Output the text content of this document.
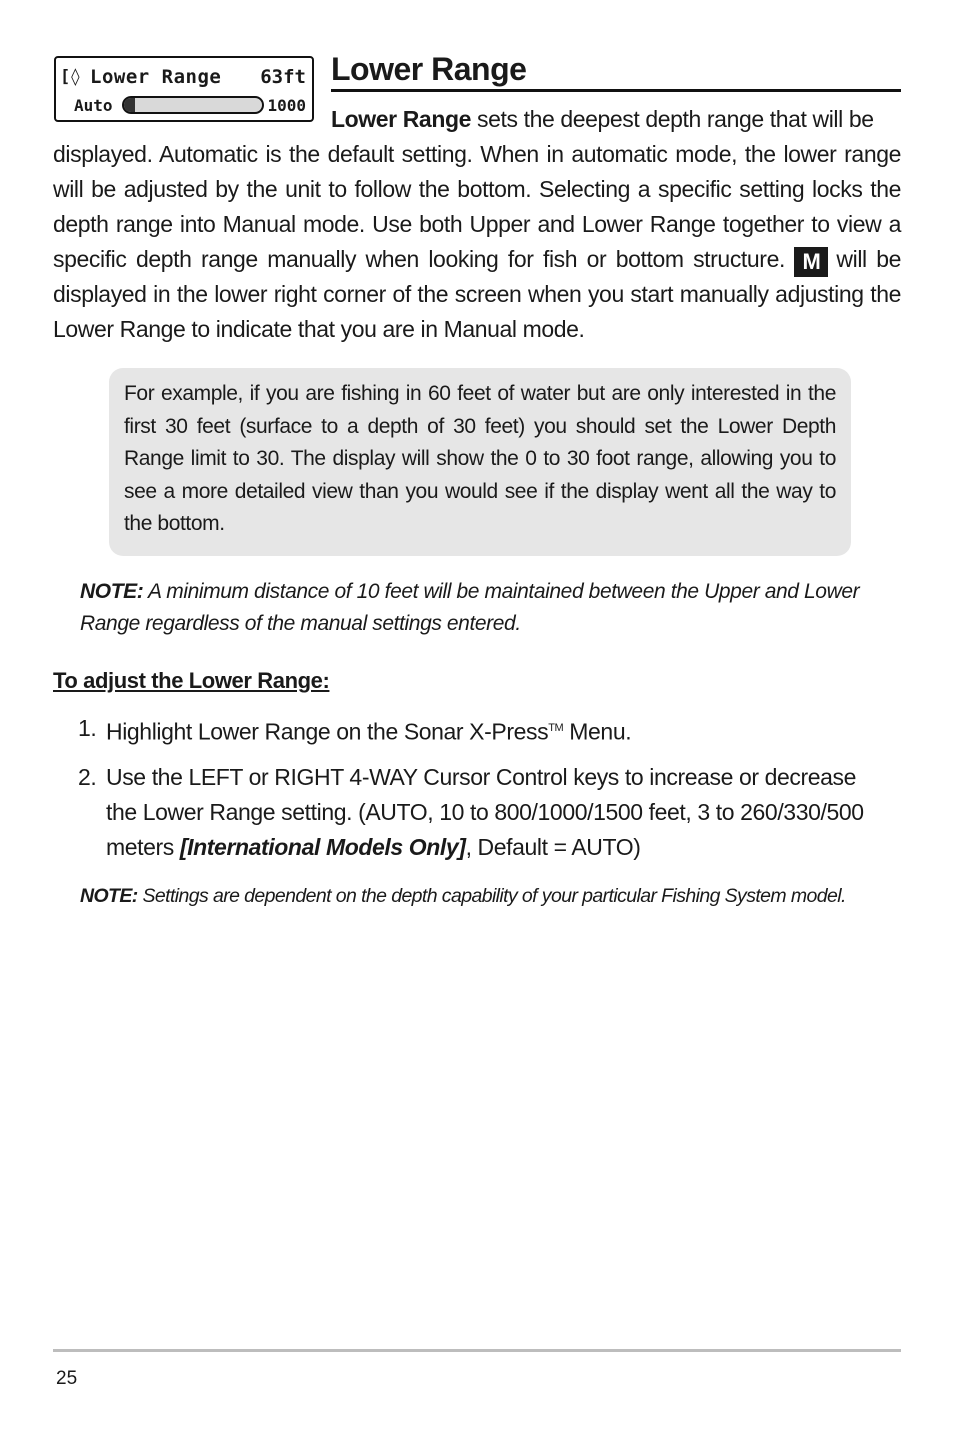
[◊ Lower Range 63ft
Auto	1000
Lower Range
Lower Range sets the deepest depth range that will be
displayed. Automatic is the default setting. When in automatic mode, the lower range will be adjusted by the unit to follow the bottom. Selecting a specific setting locks the depth range into Manual mode. Use both Upper and Lower Range together to view a specific depth range manually when looking for fish or bottom structure. M will be displayed in the lower right corner of the screen when you start manually adjusting the Lower Range to indicate that you are in Manual mode.

For example, if you are fishing in 60 feet of water but are only interested in the first 30 feet (surface to a depth of 30 feet) you should set the Lower Depth Range limit to 30. The display will show the 0 to 30 foot range, allowing you to see a more detailed view than you would see if the display went all the way to the bottom.

NOTE: A minimum distance of 10 feet will be maintained between the Upper and Lower Range regardless of the manual settings entered.
To adjust the Lower Range:
1. Highlight Lower Range on the Sonar X-Press™ Menu.
2. Use the LEFT or RIGHT 4-WAY Cursor Control keys to increase or decrease the Lower Range setting. (AUTO, 10 to 800/1000/1500 feet, 3 to 260/330/500 meters [International Models Only], Default = AUTO)
NOTE: Settings are dependent on the depth capability of your particular Fishing System model.
25
